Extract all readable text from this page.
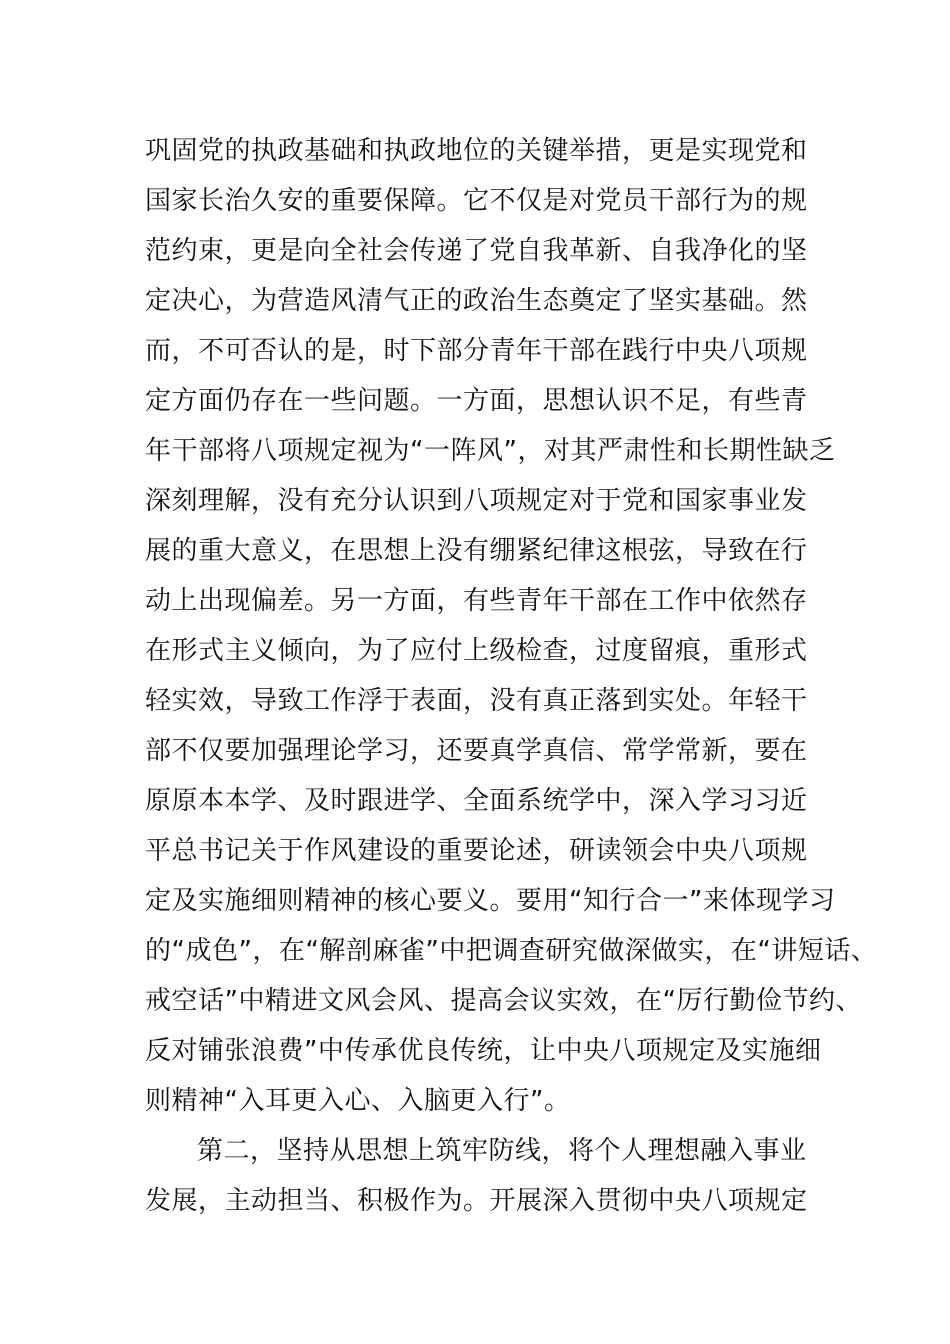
巩固党的执政基础和执政地位的关键举措，更是实现党和
国家长治久安的重要保障。它不仅是对党员干部行为的规
范约束，更是向全社会传递了党自我革新、自我净化的坚
定决心，为营造风清气正的政治生态奠定了坚实基础。然
而，不可否认的是，时下部分青年干部在践行中央八项规
定方面仍存在一些问题。一方面，思想认识不足，有些青
年干部将八项规定视为“一阵风”，对其严肃性和长期性缺乏
深刻理解，没有充分认识到八项规定对于党和国家事业发
展的重大意义，在思想上没有绷紧纪律这根弦，导致在行
动上出现偏差。另一方面，有些青年干部在工作中依然存
在形式主义倾向，为了应付上级检查，过度留痕，重形式
轻实效，导致工作浮于表面，没有真正落到实处。年轻干
部不仅要加强理论学习，还要真学真信、常学常新，要在
原原本本学、及时跟进学、全面系统学中，深入学习习近
平总书记关于作风建设的重要论述，研读领会中央八项规
定及实施细则精神的核心要义。要用“知行合一”来体现学习
的“成色”，在“解剖麻雀”中把调查研究做深做实，在“讲短话、
戒空话”中精进文风会风、提高会议实效，在“厉行勤俭节约、
反对铺张浪费”中传承优良传统，让中央八项规定及实施细
则精神“入耳更入心、入脑更入行”。
第二，坚持从思想上筑牢防线，将个人理想融入事业
发展，主动担当、积极作为。开展深入贯彻中央八项规定
